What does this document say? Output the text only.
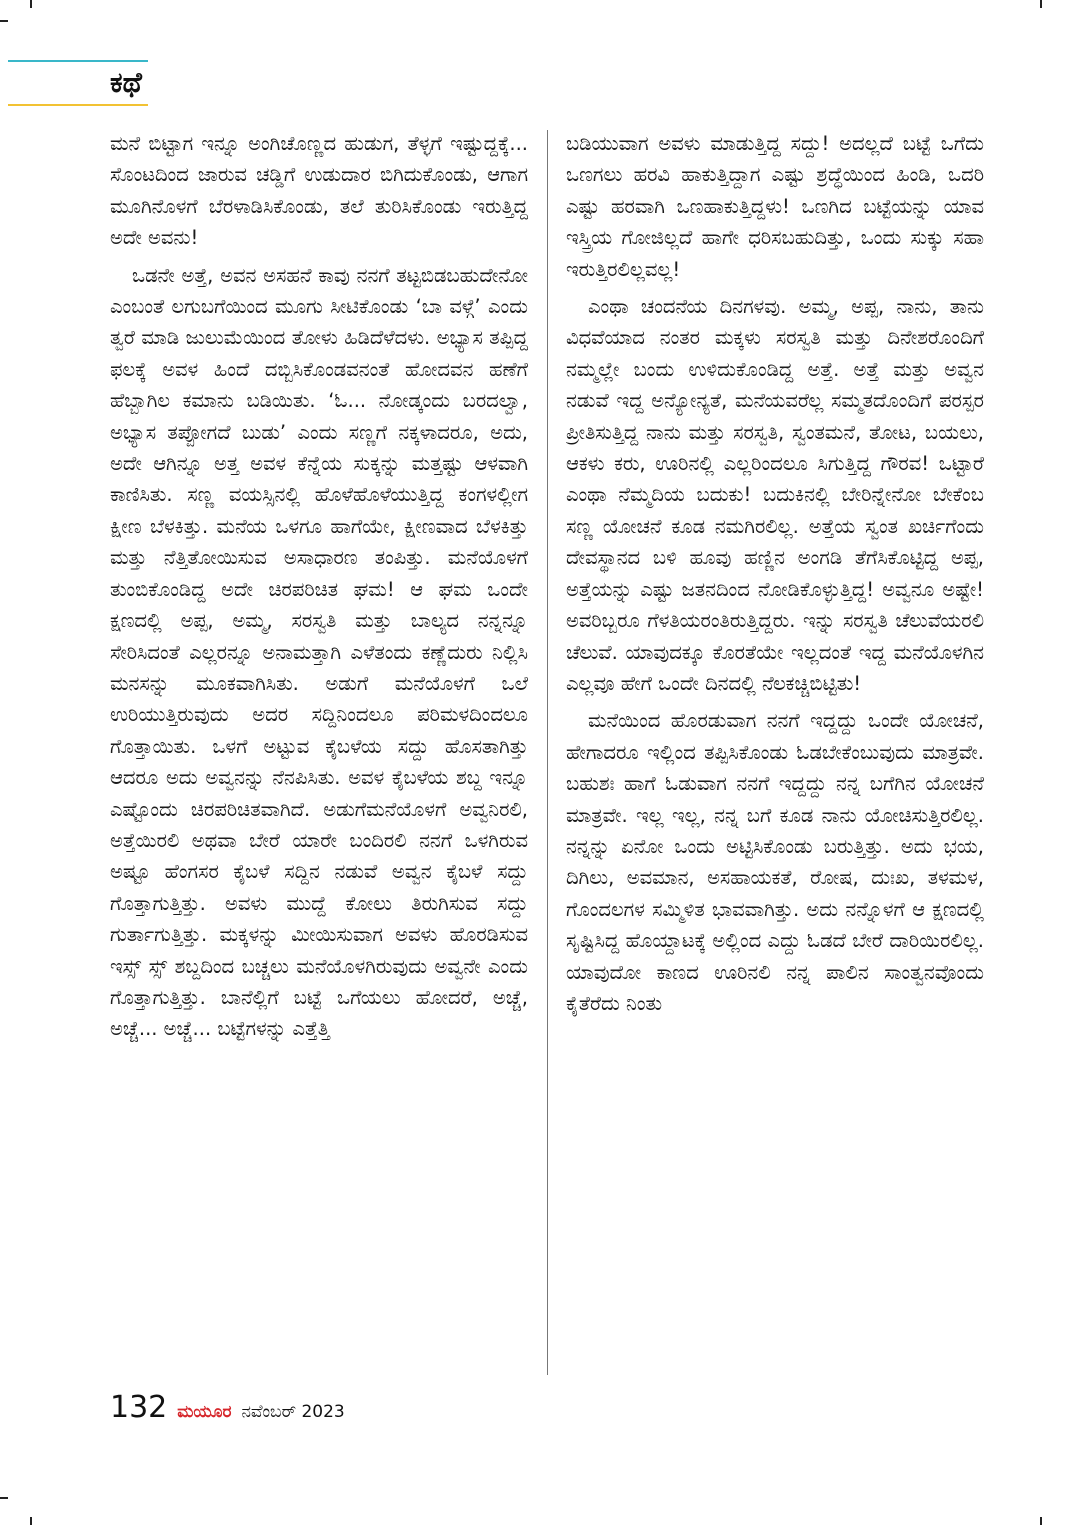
ಕಥೆ

ಮನೆ ಬಿಟ್ಟಾಗ ಇನ್ನೂ ಅಂಗಿಚೊಣ್ಣದ ಹುಡುಗ, ತೆಳ್ಳಗೆ ಇಷ್ಟುದ್ದಕ್ಕೆ... ಸೊಂಟದಿಂದ ಜಾರುವ ಚಡ್ಡಿಗೆ ಉಡುದಾರ ಬಿಗಿದುಕೊಂಡು, ಆಗಾಗ ಮೂಗಿನೊಳಗೆ ಬೆರಳಾಡಿಸಿಕೊಂಡು, ತಲೆ ತುರಿಸಿಕೊಂಡು ಇರುತ್ತಿದ್ದ ಅದೇ ಅವನು!

ಒಡನೇ ಅತ್ತೆ, ಅವನ ಅಸಹನೆ ಕಾವು ನನಗೆ ತಟ್ಟಬಿಡಬಹುದೇನೋ ಎಂಬಂತೆ ಲಗುಬಗೆಯಿಂದ ಮೂಗು ಸೀಟಿಕೊಂಡು ‘ಬಾ ವಳ್ಗೆ’ ಎಂದು ತ್ವರೆ ಮಾಡಿ ಜುಲುಮೆಯಿಂದ ತೋಳು ಹಿಡಿದೆಳೆದಳು. ಅಭ್ಯಾಸ ತಪ್ಪಿದ್ದ ಫಲಕ್ಕೆ ಅವಳ ಹಿಂದೆ ದಬ್ಬಿಸಿಕೊಂಡವನಂತೆ ಹೋದವನ ಹಣೆಗೆ ಹೆಬ್ಬಾಗಿಲ ಕಮಾನು ಬಡಿಯಿತು. ‘ಓ... ನೋಡ್ಕಂದು ಬರದಲ್ವಾ, ಅಭ್ಯಾಸ ತಪ್ಪೋಗದೆ ಬುಡು’ ಎಂದು ಸಣ್ಣಗೆ ನಕ್ಕಳಾದರೂ, ಅದು, ಅದೇ ಆಗಿನ್ನೂ ಅತ್ತ ಅವಳ ಕೆನ್ನೆಯ ಸುಕ್ಕನ್ನು ಮತ್ತಷ್ಟು ಆಳವಾಗಿ ಕಾಣಿಸಿತು. ಸಣ್ಣ ವಯಸ್ಸಿನಲ್ಲಿ ಹೊಳೆಹೊಳೆಯುತ್ತಿದ್ದ ಕಂಗಳಲ್ಲೀಗ ಕ್ಷೀಣ ಬೆಳಕಿತ್ತು. ಮನೆಯ ಒಳಗೂ ಹಾಗೆಯೇ, ಕ್ಷೀಣವಾದ ಬೆಳಕಿತ್ತು ಮತ್ತು ನೆತ್ತಿತೋಯಿಸುವ ಅಸಾಧಾರಣ ತಂಪಿತ್ತು. ಮನೆಯೊಳಗೆ ತುಂಬಿಕೊಂಡಿದ್ದ ಅದೇ ಚಿರಪರಿಚಿತ ಘಮ! ಆ ಘಮ ಒಂದೇ ಕ್ಷಣದಲ್ಲಿ ಅಪ್ಪ, ಅಮ್ಮ, ಸರಸ್ವತಿ ಮತ್ತು ಬಾಲ್ಯದ ನನ್ನನ್ನೂ ಸೇರಿಸಿದಂತೆ ಎಲ್ಲರನ್ನೂ ಅನಾಮತ್ತಾಗಿ ಎಳೆತಂದು ಕಣ್ಣೆದುರು ನಿಲ್ಲಿಸಿ ಮನಸನ್ನು ಮೂಕವಾಗಿಸಿತು. ಅಡುಗೆ ಮನೆಯೊಳಗೆ ಒಲೆ ಉರಿಯುತ್ತಿರುವುದು ಅದರ ಸದ್ದಿನಿಂದಲೂ ಪರಿಮಳದಿಂದಲೂ ಗೊತ್ತಾಯಿತು. ಒಳಗೆ ಅಟ್ಟುವ ಕೈಬಳೆಯ ಸದ್ದು ಹೊಸತಾಗಿತ್ತು ಆದರೂ ಅದು ಅವ್ವನನ್ನು ನೆನಪಿಸಿತು. ಅವಳ ಕೈಬಳೆಯ ಶಬ್ದ ಇನ್ನೂ ಎಷ್ಟೊಂದು ಚಿರಪರಿಚಿತವಾಗಿದೆ. ಅಡುಗೆಮನೆಯೊಳಗೆ ಅವ್ವನಿರಲಿ, ಅತ್ತೆಯಿರಲಿ ಅಥವಾ ಬೇರೆ ಯಾರೇ ಬಂದಿರಲಿ ನನಗೆ ಒಳಗಿರುವ ಅಷ್ಟೂ ಹೆಂಗಸರ ಕೈಬಳೆ ಸದ್ದಿನ ನಡುವೆ ಅವ್ವನ ಕೈಬಳೆ ಸದ್ದು ಗೊತ್ತಾಗುತ್ತಿತ್ತು. ಅವಳು ಮುದ್ದೆ ಕೋಲು ತಿರುಗಿಸುವ ಸದ್ದು ಗುರ್ತಾಗುತ್ತಿತ್ತು. ಮಕ್ಕಳನ್ನು ಮೀಯಿಸುವಾಗ ಅವಳು ಹೊರಡಿಸುವ ಇಸ್ಸ್ ಸ್ಸ್ ಶಬ್ದದಿಂದ ಬಚ್ಚಲು ಮನೆಯೊಳಗಿರುವುದು ಅವ್ವನೇ ಎಂದು ಗೊತ್ತಾಗುತ್ತಿತ್ತು. ಬಾನೆಲ್ಲಿಗೆ ಬಟ್ಟೆ ಒಗೆಯಲು ಹೋದರೆ, ಅಚ್ಚೆ, ಅಚ್ಚೆ... ಅಚ್ಚೆ... ಬಟ್ಟೆಗಳನ್ನು ಎತ್ತೆತ್ತಿ

ಬಡಿಯುವಾಗ ಅವಳು ಮಾಡುತ್ತಿದ್ದ ಸದ್ದು! ಅದಲ್ಲದೆ ಬಟ್ಟೆ ಒಗೆದು ಒಣಗಲು ಹರವಿ ಹಾಕುತ್ತಿದ್ದಾಗ ಎಷ್ಟು ಶ್ರದ್ಧೆಯಿಂದ ಹಿಂಡಿ, ಒದರಿ ಎಷ್ಟು ಹರವಾಗಿ ಒಣಹಾಕುತ್ತಿದ್ದಳು! ಒಣಗಿದ ಬಟ್ಟೆಯನ್ನು ಯಾವ ಇಸ್ತ್ರಿಯ ಗೋಜಿಲ್ಲದೆ ಹಾಗೇ ಧರಿಸಬಹುದಿತ್ತು, ಒಂದು ಸುಕ್ಕು ಸಹಾ ಇರುತ್ತಿರಲಿಲ್ಲವಲ್ಲ!

ಎಂಥಾ ಚಂದನೆಯ ದಿನಗಳವು. ಅಮ್ಮ, ಅಪ್ಪ, ನಾನು, ತಾನು ವಿಧವೆಯಾದ ನಂತರ ಮಕ್ಕಳು ಸರಸ್ವತಿ ಮತ್ತು ದಿನೇಶರೊಂದಿಗೆ ನಮ್ಮಲ್ಲೇ ಬಂದು ಉಳಿದುಕೊಂಡಿದ್ದ ಅತ್ತೆ. ಅತ್ತೆ ಮತ್ತು ಅವ್ವನ ನಡುವೆ ಇದ್ದ ಅನ್ಯೋನ್ಯತೆ, ಮನೆಯವರೆಲ್ಲ ಸಮ್ಮತದೊಂದಿಗೆ ಪರಸ್ಪರ ಪ್ರೀತಿಸುತ್ತಿದ್ದ ನಾನು ಮತ್ತು ಸರಸ್ವತಿ, ಸ್ವಂತಮನೆ, ತೋಟ, ಬಯಲು, ಆಕಳು ಕರು, ಊರಿನಲ್ಲಿ ಎಲ್ಲರಿಂದಲೂ ಸಿಗುತ್ತಿದ್ದ ಗೌರವ! ಒಟ್ಟಾರೆ ಎಂಥಾ ನೆಮ್ಮದಿಯ ಬದುಕು! ಬದುಕಿನಲ್ಲಿ ಬೇರಿನ್ನೇನೋ ಬೇಕೆಂಬ ಸಣ್ಣ ಯೋಚನೆ ಕೂಡ ನಮಗಿರಲಿಲ್ಲ. ಅತ್ತೆಯ ಸ್ವಂತ ಖರ್ಚಿಗೆಂದು ದೇವಸ್ಥಾನದ ಬಳಿ ಹೂವು ಹಣ್ಣಿನ ಅಂಗಡಿ ತೆಗೆಸಿಕೊಟ್ಟಿದ್ದ ಅಪ್ಪ, ಅತ್ತೆಯನ್ನು ಎಷ್ಟು ಜತನದಿಂದ ನೋಡಿಕೊಳ್ಳುತ್ತಿದ್ದ! ಅವ್ವನೂ ಅಷ್ಟೇ! ಅವರಿಬ್ಬರೂ ಗೆಳತಿಯರಂತಿರುತ್ತಿದ್ದರು. ಇನ್ನು ಸರಸ್ವತಿ ಚೆಲುವೆಯರಲಿ ಚೆಲುವೆ. ಯಾವುದಕ್ಕೂ ಕೊರತೆಯೇ ಇಲ್ಲದಂತೆ ಇದ್ದ ಮನೆಯೊಳಗಿನ ಎಲ್ಲವೂ ಹೇಗೆ ಒಂದೇ ದಿನದಲ್ಲಿ ನೆಲಕಚ್ಚಿಬಿಟ್ಟಿತು!

ಮನೆಯಿಂದ ಹೊರಡುವಾಗ ನನಗೆ ಇದ್ದದ್ದು ಒಂದೇ ಯೋಚನೆ, ಹೇಗಾದರೂ ಇಲ್ಲಿಂದ ತಪ್ಪಿಸಿಕೊಂಡು ಓಡಬೇಕೆಂಬುವುದು ಮಾತ್ರವೇ. ಬಹುಶಃ ಹಾಗೆ ಓಡುವಾಗ ನನಗೆ ಇದ್ದದ್ದು ನನ್ನ ಬಗೆಗಿನ ಯೋಚನೆ ಮಾತ್ರವೇ. ಇಲ್ಲ ಇಲ್ಲ, ನನ್ನ ಬಗೆ ಕೂಡ ನಾನು ಯೋಚಿಸುತ್ತಿರಲಿಲ್ಲ. ನನ್ನನ್ನು ಏನೋ ಒಂದು ಅಟ್ಟಿಸಿಕೊಂಡು ಬರುತ್ತಿತ್ತು. ಅದು ಭಯ, ದಿಗಿಲು, ಅವಮಾನ, ಅಸಹಾಯಕತೆ, ರೋಷ, ದುಃಖ, ತಳಮಳ, ಗೊಂದಲಗಳ ಸಮ್ಮಿಳಿತ ಭಾವವಾಗಿತ್ತು. ಅದು ನನ್ನೊಳಗೆ ಆ ಕ್ಷಣದಲ್ಲಿ ಸೃಷ್ಟಿಸಿದ್ದ ಹೊಯ್ದಾಟಕ್ಕೆ ಅಲ್ಲಿಂದ ಎದ್ದು ಓಡದೆ ಬೇರೆ ದಾರಿಯಿರಲಿಲ್ಲ. ಯಾವುದೋ ಕಾಣದ ಊರಿನಲಿ ನನ್ನ ಪಾಲಿನ ಸಾಂತ್ವನವೊಂದು ಕೈತೆರೆದು ನಿಂತು

132 ಮಯೂರ ನವೆಂಬರ್ 2023
